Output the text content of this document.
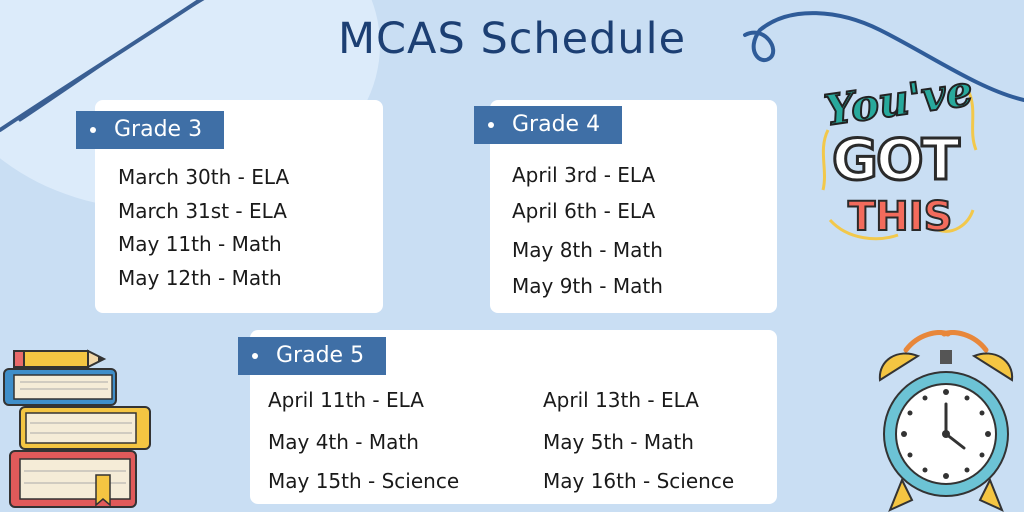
MCAS Schedule
Grade 3
March 30th - ELA
March 31st - ELA
May 11th - Math
May 12th - Math
Grade 4
April 3rd - ELA
April 6th - ELA
May 8th - Math
May 9th - Math
Grade 5
April 11th - ELA
May 4th - Math
May 15th - Science
April 13th - ELA
May 5th - Math
May 16th - Science
You've
GOT
THIS
